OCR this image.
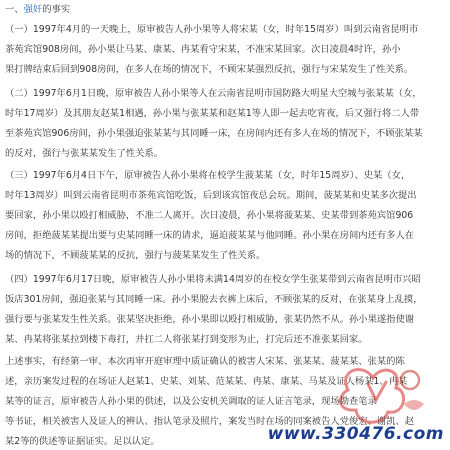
一、强奸的事实
（一）1997年4月的一天晚上，原审被告人孙小果等人将宋某（女，时年15周岁）叫到云南省昆明市
茶苑宾馆908房间，孙小果让马某、康某、冉某看守宋某，不准宋某回家。次日凌晨4时许，孙小
果打牌结束后回到908房间，在多人在场的情况下，不顾宋某强烈反抗，强行与宋某发生了性关系。
（二）1997年6月1日晚，原审被告人孙小果等人在云南省昆明市国防路大明星大空城与张某某（女，
时年17周岁）及其朋友赵某1相遇，孙小果与张某某和赵某1等人即一起去吃宵夜，后又强行将二人带
至茶苑宾馆906房间，孙小果强迫张某某与其同睡一床，在房间内还有多人在场的情况下，不顾张某某
的反对，强行与张某某发生了性关系。
（三）1997年6月4日下午，原审被告人孙小果将在校学生菠某某（女，时年15周岁）、史某（女，
时年13周岁）叫到云南省昆明市茶苑宾馆吃饭，后到该宾馆夜总会玩。期间，菠某某和史某多次提出
要回家，孙小果以殴打相威胁，不准二人离开。次日凌晨，孙小果将菠某某、史某带到茶苑宾馆906
房间，拒绝菠某某提出要与史某同睡一床的请求，逼迫菠某某与他同睡。孙小果在房间内还有多人在
场的情况下，不顾菠某某的反抗，强行与菠某某发生了性关系。
（四）1997年6月17日晚，原审被告人孙小果将未满14周岁的在校女学生张某带到云南省昆明市兴昭
饭店301房间，强迫张某与其同睡一床。孙小果脱去衣裤上床后，不顾张某的反对，在张某身上乱摸，
强行要与张某发生性关系。张某坚决拒绝，孙小果即以殴打相威胁，张某仍然不从。孙小果遂指使谢
某、冉某将张某拉到楼下毒打，并扛二人将张某打到变形为止，打完后还不准张某回家。
上述事实，有经第一审、本次再审开庭审理中质证确认的被害人宋某、张某某、菠某某、张某的陈
述，亲历案发过程的在场证人赵某1、史某、刘某、范某某、冉某、康某、马某及证人杨某1、冉某
某等的证言，原审被告人孙小果的供述，以及公安机关调取的证人证言笔录，现场勘查笔录
等书证，相关被害人及证人的辨认、指认笔录及照片，案发当时在场的同案被告人党俊宏、谢凯、赵
某2等的供述等证据证实。足以认定。	www.330476.com
